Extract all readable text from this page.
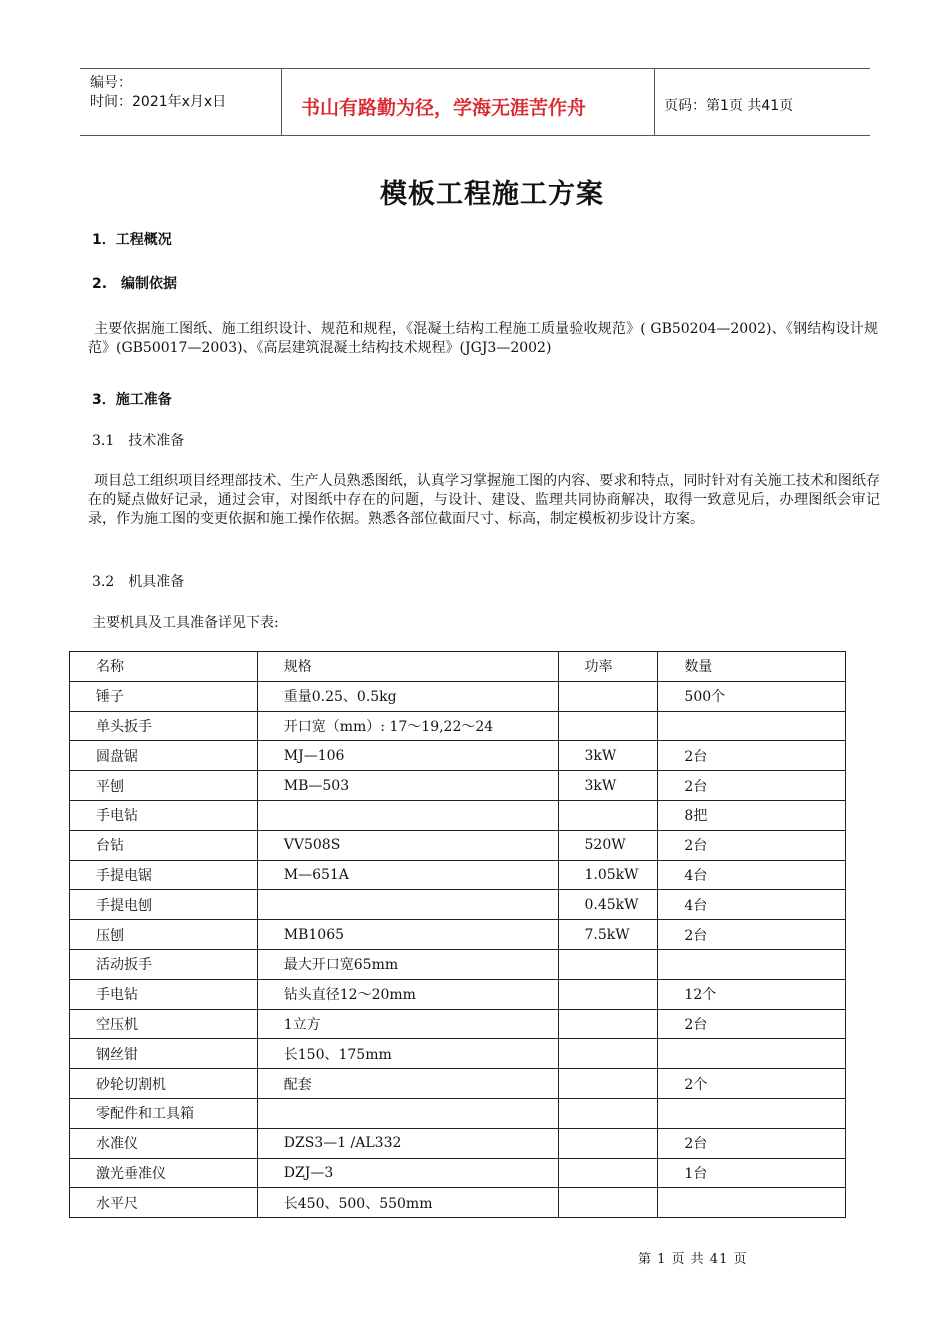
编号：
时间：2021年x月x日	书山有路勤为径，学海无涯苦作舟	页码：第1页 共41页
模板工程施工方案
1．工程概况
2.　编制依据
主要依据施工图纸、施工组织设计、规范和规程，《混凝土结构工程施工质量验收规范》( GB50204—2002)、《钢结构设计规范》(GB50017—2003)、《高层建筑混凝土结构技术规程》(JGJ3—2002)
3．施工准备
3.1　技术准备
项目总工组织项目经理部技术、生产人员熟悉图纸，认真学习掌握施工图的内容、要求和特点，同时针对有关施工技术和图纸存在的疑点做好记录，通过会审，对图纸中存在的问题，与设计、建设、监理共同协商解决，取得一致意见后，办理图纸会审记录，作为施工图的变更依据和施工操作依据。熟悉各部位截面尺寸、标高，制定模板初步设计方案。
3.2　机具准备
主要机具及工具准备详见下表:
名称	规格	功率	数量
锤子	重量0.25、0.5kg		500个
单头扳手	开口宽（mm）: 17～19,22～24		
圆盘锯	MJ—106	3kW	2台
平刨	MB—503	3kW	2台
手电钻			8把
台钻	VV508S	520W	2台
手提电锯	M—651A	1.05kW	4台
手提电刨		0.45kW	4台
压刨	MB1065	7.5kW	2台
活动扳手	最大开口宽65mm		
手电钻	钻头直径12～20mm		12个
空压机	1立方		2台
钢丝钳	长150、175mm		
砂轮切割机	配套		2个
零配件和工具箱			
水准仪	DZS3—1 /AL332		2台
激光垂准仪	DZJ—3		1台
水平尺	长450、500、550mm		
第 1 页 共 41 页
